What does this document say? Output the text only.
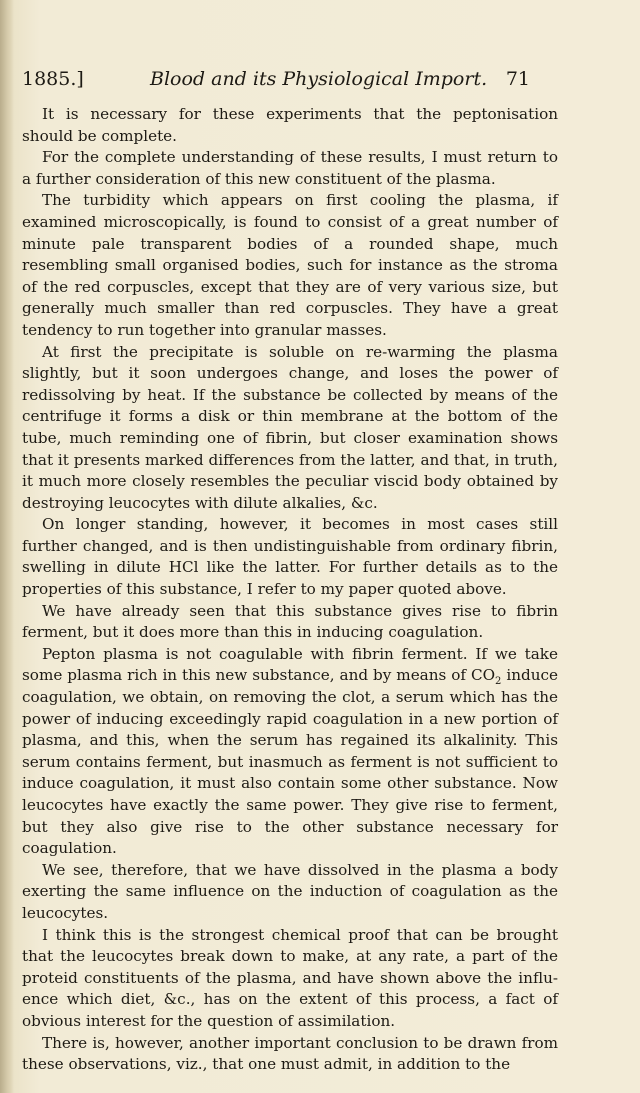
1885.]	Blood and its Physiological Import. 71

It is necessary for these experiments that the peptonisation should be complete.

For the complete understanding of these results, I must return to a further consideration of this new constituent of the plasma.

The turbidity which appears on first cooling the plasma, if examined microscopically, is found to consist of a great number of minute pale transparent bodies of a rounded shape, much resembling small organised bodies, such for instance as the stroma of the red corpuscles, except that they are of very various size, but generally much smaller than red corpuscles. They have a great tendency to run together into granular masses.

At first the precipitate is soluble on re-warming the plasma slightly, but it soon undergoes change, and loses the power of redissolving by heat. If the substance be collected by means of the centrifuge it forms a disk or thin membrane at the bottom of the tube, much reminding one of fibrin, but closer examination shows that it presents marked differences from the latter, and that, in truth, it much more closely resembles the peculiar viscid body obtained by destroying leucocytes with dilute alkalies, &c.

On longer standing, however, it becomes in most cases still further changed, and is then undistinguishable from ordinary fibrin, swelling in dilute HCl like the latter. For further details as to the properties of this substance, I refer to my paper quoted above.

We have already seen that this substance gives rise to fibrin ferment, but it does more than this in inducing coagulation.

Pepton plasma is not coagulable with fibrin ferment. If we take some plasma rich in this new substance, and by means of $CO_2$ induce coagulation, we obtain, on removing the clot, a serum which has the power of inducing exceedingly rapid coagulation in a new portion of plasma, and this, when the serum has regained its alkalinity. This serum contains ferment, but inasmuch as ferment is not sufficient to induce coagulation, it must also contain some other substance. Now leucocytes have exactly the same power. They give rise to ferment, but they also give rise to the other substance necessary for coagulation.

We see, therefore, that we have dissolved in the plasma a body exerting the same influence on the induction of coagulation as the leucocytes.

I think this is the strongest chemical proof that can be brought that the leucocytes break down to make, at any rate, a part of the proteid constituents of the plasma, and have shown above the influ- ence which diet, &c., has on the extent of this process, a fact of obvious interest for the question of assimilation.

There is, however, another important conclusion to be drawn from these observations, viz., that one must admit, in addition to the
